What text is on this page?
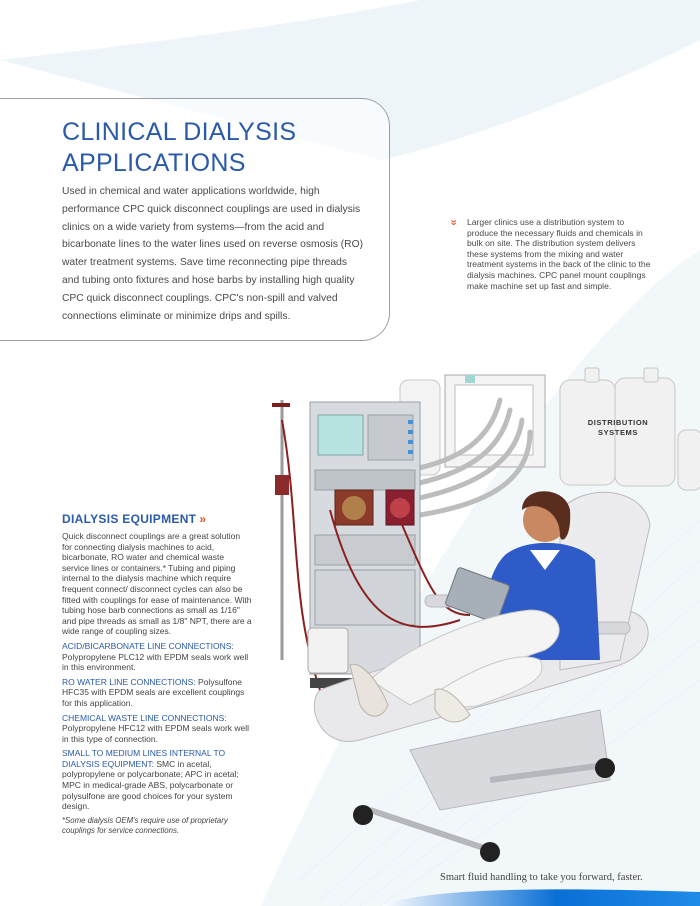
CLINICAL DIALYSIS
APPLICATIONS

Used in chemical and water applications worldwide, high performance CPC quick disconnect couplings are used in dialysis clinics on a wide variety from systems—from the acid and bicarbonate lines to the water lines used on reverse osmosis (RO) water treatment systems. Save time reconnecting pipe threads and tubing onto fixtures and hose barbs by installing high quality CPC quick disconnect couplings. CPC's non-spill and valved connections eliminate or minimize drips and spills.

» Larger clinics use a distribution system to produce the necessary fluids and chemicals in bulk on site. The distribution system delivers these systems from the mixing and water treatment systems in the back of the clinic to the dialysis machines. CPC panel mount couplings make machine set up fast and simple.

DISTRIBUTION
SYSTEMS
DIALYSIS EQUIPMENT »

Quick disconnect couplings are a great solution for connecting dialysis machines to acid, bicarbonate, RO water and chemical waste service lines or containers.* Tubing and piping internal to the dialysis machine which require frequent connect/ disconnect cycles can also be fitted with couplings for ease of maintenance. With tubing hose barb connections as small as 1/16" and pipe threads as small as 1/8" NPT, there are a wide range of coupling sizes.

ACID/BICARBONATE LINE CONNECTIONS:
Polypropylene PLC12 with EPDM seals work well in this environment.

RO WATER LINE CONNECTIONS: Polysulfone HFC35 with EPDM seals are excellent couplings for this application.

CHEMICAL WASTE LINE CONNECTIONS:
Polypropylene HFC12 with EPDM seals work well in this type of connection.

SMALL TO MEDIUM LINES INTERNAL TO DIALYSIS EQUIPMENT: SMC in acetal, polypropylene or polycarbonate; APC in acetal; MPC in medical-grade ABS, polycarbonate or polysulfone are good choices for your system design.

*Some dialysis OEM's require use of proprietary couplings for service connections.

Smart fluid handling to take you forward, faster.
